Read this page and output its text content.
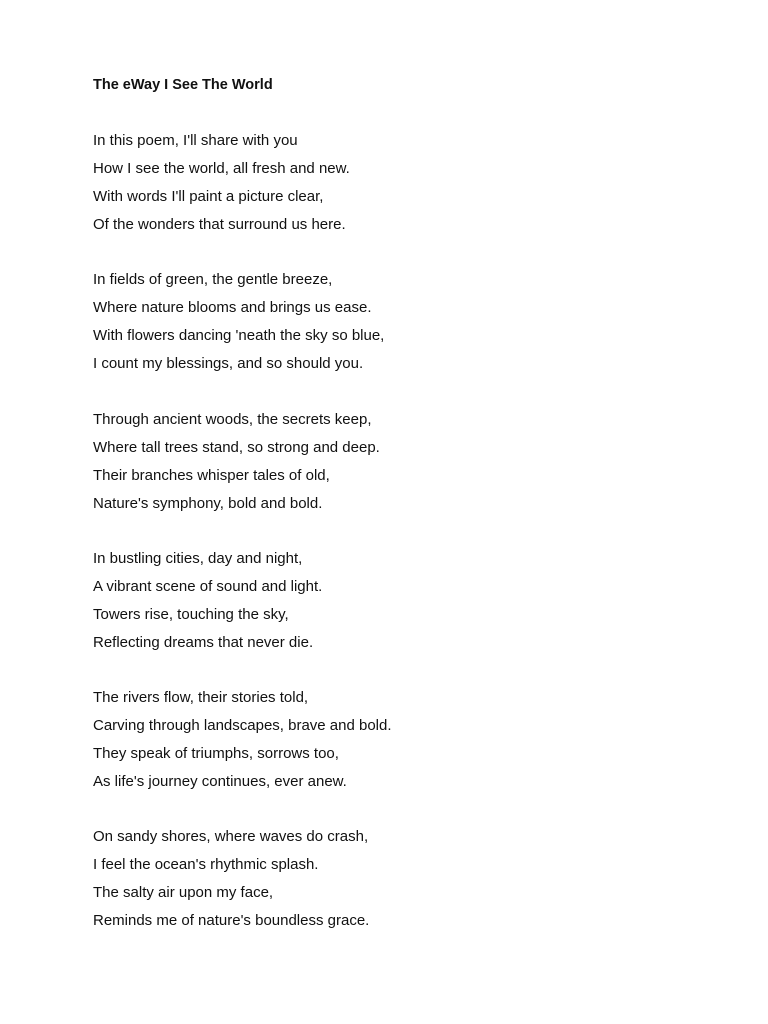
The eWay I See The World
In this poem, I'll share with you
How I see the world, all fresh and new.
With words I'll paint a picture clear,
Of the wonders that surround us here.
In fields of green, the gentle breeze,
Where nature blooms and brings us ease.
With flowers dancing 'neath the sky so blue,
I count my blessings, and so should you.
Through ancient woods, the secrets keep,
Where tall trees stand, so strong and deep.
Their branches whisper tales of old,
Nature's symphony, bold and bold.
In bustling cities, day and night,
A vibrant scene of sound and light.
Towers rise, touching the sky,
Reflecting dreams that never die.
The rivers flow, their stories told,
Carving through landscapes, brave and bold.
They speak of triumphs, sorrows too,
As life's journey continues, ever anew.
On sandy shores, where waves do crash,
I feel the ocean's rhythmic splash.
The salty air upon my face,
Reminds me of nature's boundless grace.
